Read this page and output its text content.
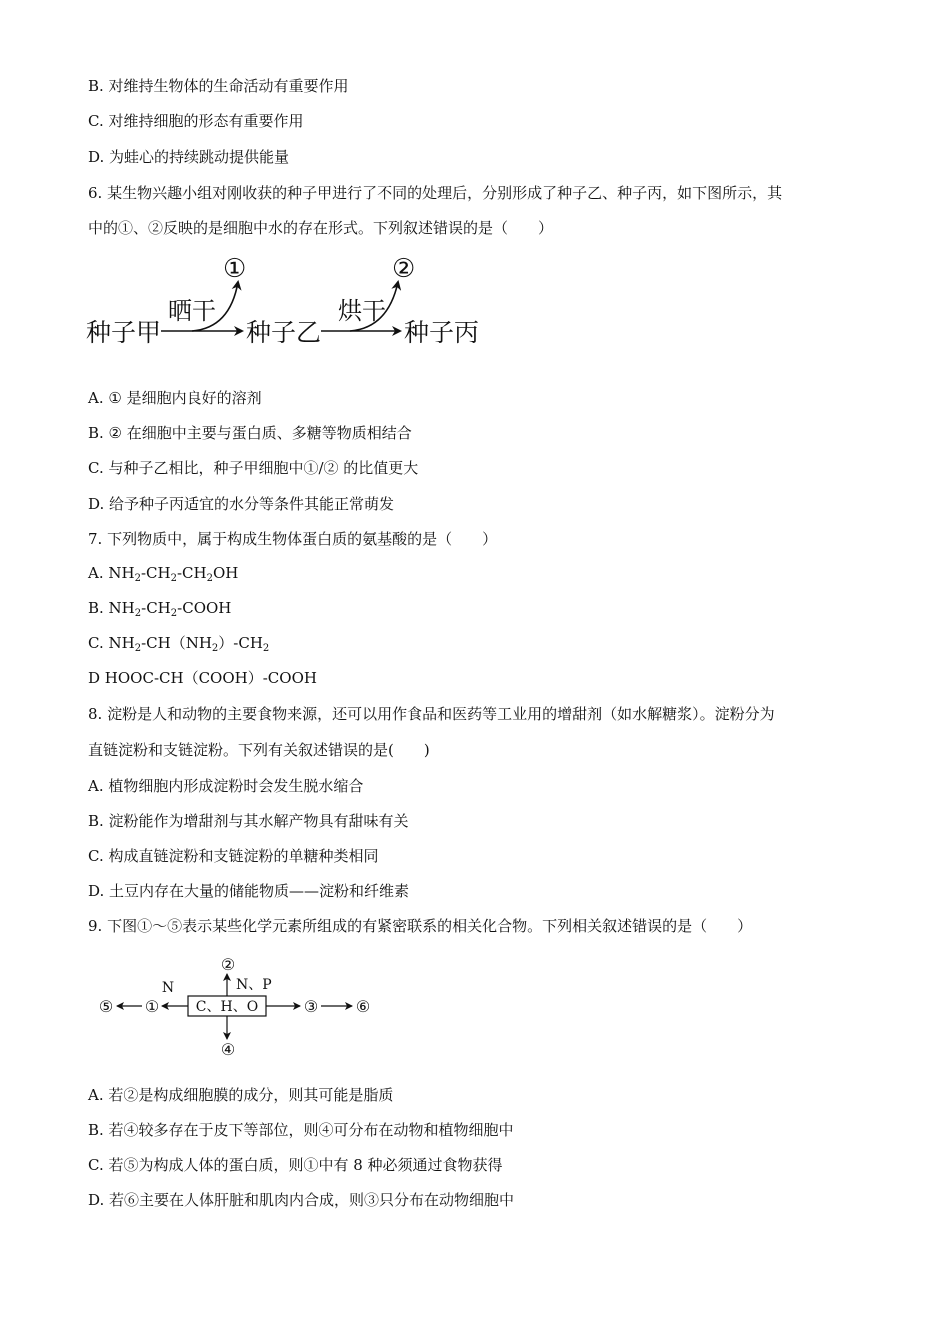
B. 对维持生物体的生命活动有重要作用
C. 对维持细胞的形态有重要作用
D. 为蛙心的持续跳动提供能量
6. 某生物兴趣小组对刚收获的种子甲进行了不同的处理后，分别形成了种子乙、种子丙，如下图所示，其
中的①、②反映的是细胞中水的存在形式。下列叙述错误的是（　　）
种子甲
晒干
①
种子乙
烘干
②
种子丙
A. ① 是细胞内良好的溶剂
B. ② 在细胞中主要与蛋白质、多糖等物质相结合
C. 与种子乙相比，种子甲细胞中①/② 的比值更大
D. 给予种子丙适宜的水分等条件其能正常萌发
7. 下列物质中，属于构成生物体蛋白质的氨基酸的是（　　）
A. $NH_2-CH_2-CH_2OH$
B. $NH_2-CH_2$-COOH
C. $NH_2-CH(NH_2)-CH_2$
D HOOC-CH（COOH）-COOH
8. 淀粉是人和动物的主要食物来源，还可以用作食品和医药等工业用的增甜剂（如水解糖浆）。淀粉分为
直链淀粉和支链淀粉。下列有关叙述错误的是(　　)
A. 植物细胞内形成淀粉时会发生脱水缩合
B. 淀粉能作为增甜剂与其水解产物具有甜味有关
C. 构成直链淀粉和支链淀粉的单糖种类相同
D. 土豆内存在大量的储能物质——淀粉和纤维素
9. 下图①～⑤表示某些化学元素所组成的有紧密联系的相关化合物。下列相关叙述错误的是（　　）
C、H、O
②
N、P
④
N
①
⑤	③ ⑥
A. 若②是构成细胞膜的成分，则其可能是脂质
B. 若④较多存在于皮下等部位，则④可分布在动物和植物细胞中
C. 若⑤为构成人体的蛋白质，则①中有 8 种必须通过食物获得
D. 若⑥主要在人体肝脏和肌肉内合成，则③只分布在动物细胞中
